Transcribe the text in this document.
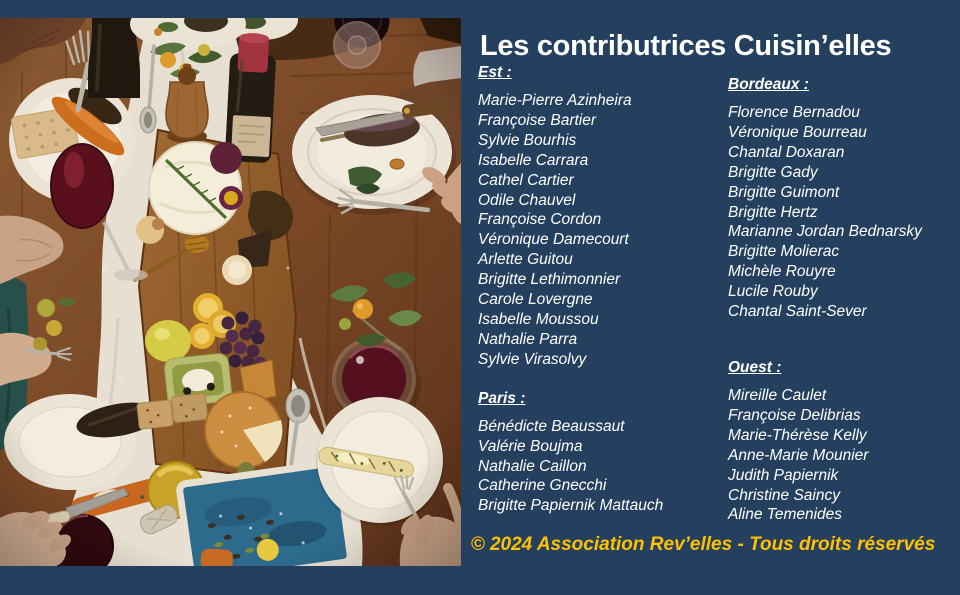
Les contributrices Cuisin’elles
Est :
Marie-Pierre Azinheira
Françoise Bartier
Sylvie Bourhis
Isabelle Carrara
Cathel Cartier
Odile Chauvel
Françoise Cordon
Véronique Damecourt
Arlette Guitou
Brigitte Lethimonnier
Carole Lovergne
Isabelle Moussou
Nathalie Parra
Sylvie Virasolvy
Paris :
Bénédicte Beaussaut
Valérie Boujma
Nathalie Caillon
Catherine Gnecchi
Brigitte Papiernik Mattauch
Bordeaux :
Florence Bernadou
Véronique Bourreau
Chantal Doxaran
Brigitte Gady
Brigitte Guimont
Brigitte Hertz
Marianne Jordan Bednarsky
Brigitte Molierac
Michèle Rouyre
Lucile Rouby
Chantal Saint-Sever
Ouest :
Mireille Caulet
Françoise Delibrias
Marie-Thérèse Kelly
Anne-Marie Mounier
Judith Papiernik
Christine Saincy
Aline Temenides
© 2024 Association Rev’elles - Tous droits réservés
